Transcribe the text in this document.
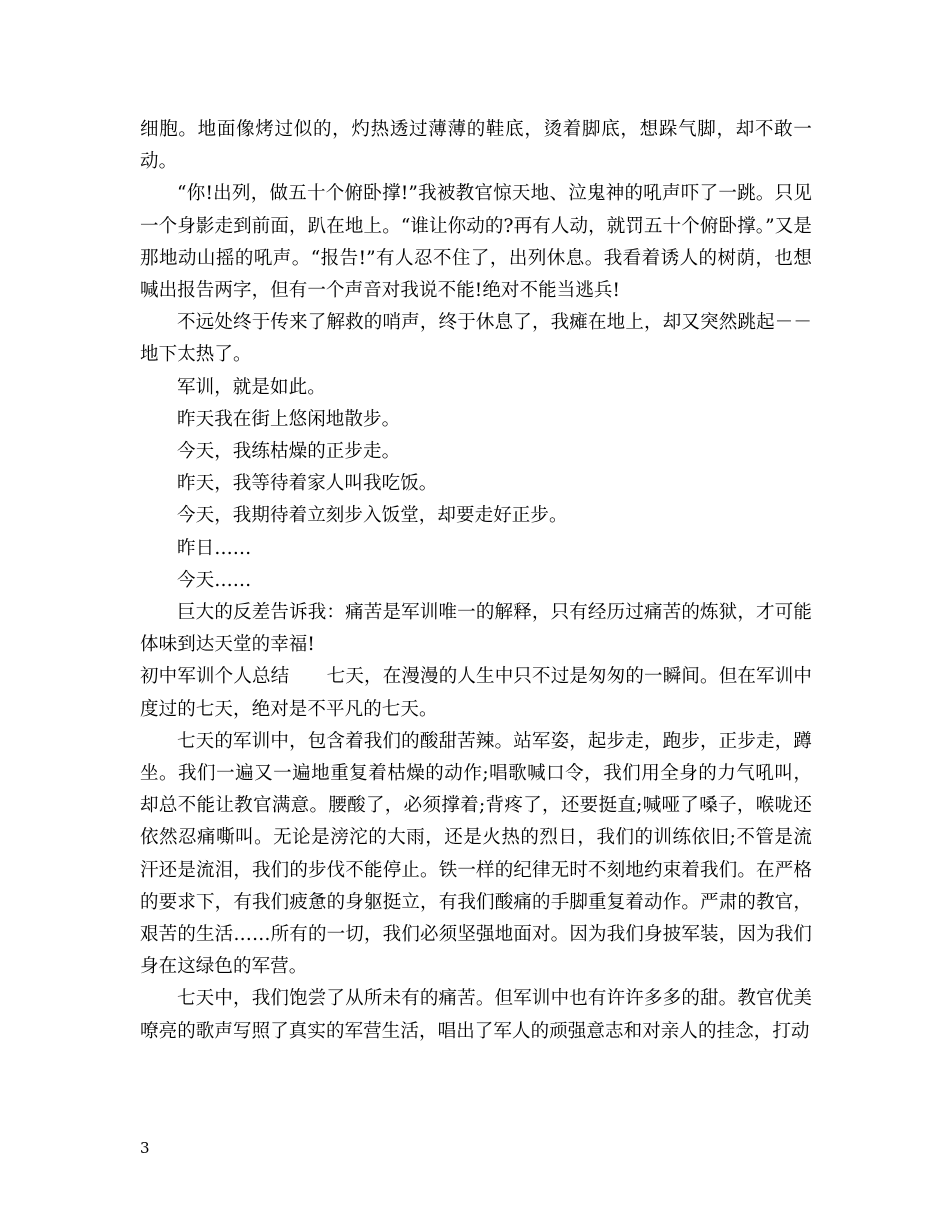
细胞。地面像烤过似的，灼热透过薄薄的鞋底，烫着脚底，想跺气脚，却不敢一动。

“你!出列，做五十个俯卧撑!”我被教官惊天地、泣鬼神的吼声吓了一跳。只见一个身影走到前面，趴在地上。“谁让你动的?再有人动，就罚五十个俯卧撑。”又是那地动山摇的吼声。“报告!”有人忍不住了，出列休息。我看着诱人的树荫，也想喊出报告两字，但有一个声音对我说不能!绝对不能当逃兵!

不远处终于传来了解救的哨声，终于休息了，我瘫在地上，却又突然跳起－－地下太热了。

军训，就是如此。

昨天我在街上悠闲地散步。

今天，我练枯燥的正步走。

昨天，我等待着家人叫我吃饭。

今天，我期待着立刻步入饭堂，却要走好正步。

昨日……

今天……

巨大的反差告诉我：痛苦是军训唯一的解释，只有经历过痛苦的炼狱，才可能体味到达天堂的幸福!

初中军训个人总结　　七天，在漫漫的人生中只不过是匆匆的一瞬间。但在军训中度过的七天，绝对是不平凡的七天。

七天的军训中，包含着我们的酸甜苦辣。站军姿，起步走，跑步，正步走，蹲坐。我们一遍又一遍地重复着枯燥的动作;唱歌喊口令，我们用全身的力气吼叫，却总不能让教官满意。腰酸了，必须撑着;背疼了，还要挺直;喊哑了嗓子，喉咙还依然忍痛嘶叫。无论是滂沱的大雨，还是火热的烈日，我们的训练依旧;不管是流汗还是流泪，我们的步伐不能停止。铁一样的纪律无时不刻地约束着我们。在严格的要求下，有我们疲惫的身躯挺立，有我们酸痛的手脚重复着动作。严肃的教官，艰苦的生活……所有的一切，我们必须坚强地面对。因为我们身披军装，因为我们身在这绿色的军营。

七天中，我们饱尝了从所未有的痛苦。但军训中也有许许多多的甜。教官优美嘹亮的歌声写照了真实的军营生活，唱出了军人的顽强意志和对亲人的挂念，打动

3
